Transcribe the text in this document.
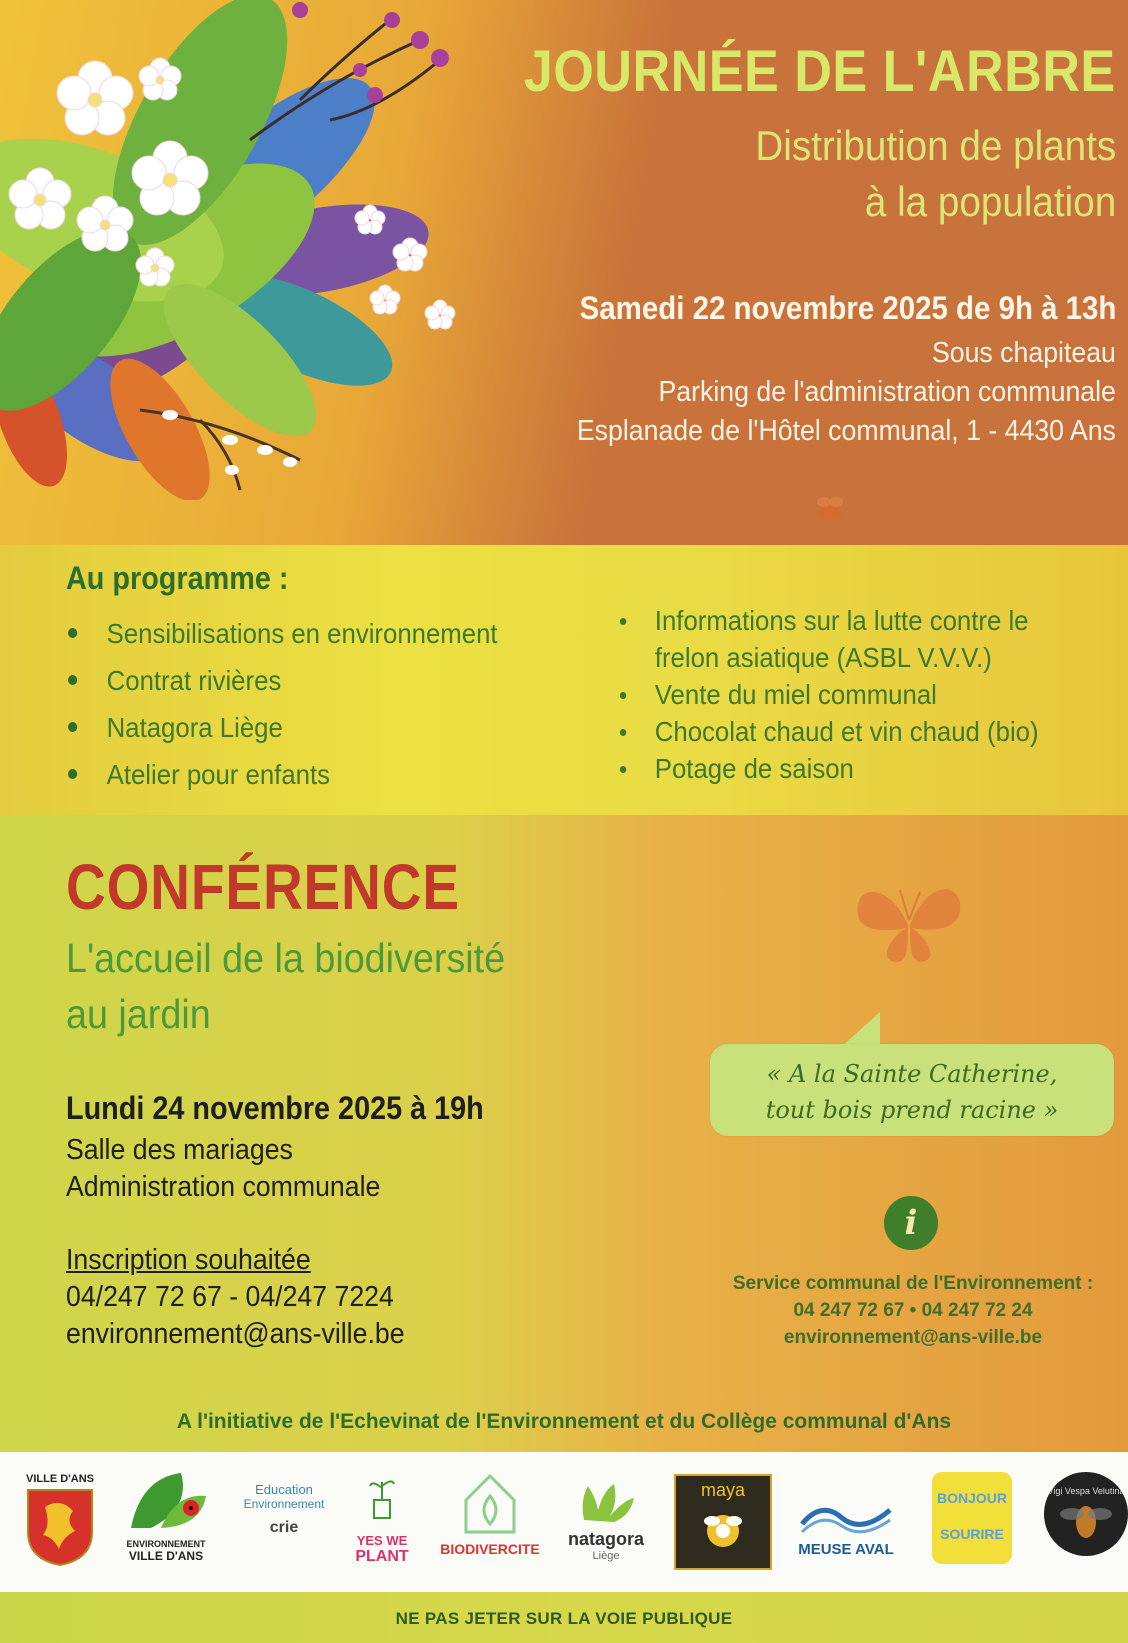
JOURNÉE DE L'ARBRE
Distribution de plants
à la population
Samedi 22 novembre 2025 de 9h à 13h
Sous chapiteau
Parking de l'administration communale
Esplanade de l'Hôtel communal, 1 - 4430 Ans
Au programme :
Sensibilisations en environnement
Contrat rivières
Natagora Liège
Atelier pour enfants
Informations sur la lutte contre le frelon asiatique (ASBL V.V.V.)
Vente du miel communal
Chocolat chaud et vin chaud (bio)
Potage de saison
CONFÉRENCE
L'accueil de la biodiversité
au jardin
Lundi 24 novembre 2025 à 19h
Salle des mariages
Administration communale
Inscription souhaitée
04/247 72 67 - 04/247 7224
environnement@ans-ville.be
« A la Sainte Catherine,
tout bois prend racine »
i
Service communal de l'Environnement :
04 247 72 67 • 04 247 72 24
environnement@ans-ville.be
A l'initiative de l'Echevinat de l'Environnement et du Collège communal d'Ans
VILLE D'ANS
ENVIRONNEMENT
VILLE D'ANS
Education
Environnement
crie
YES WE
PLANT	BIODIVERCITE	natagora
Liège
maya
MEUSE AVAL
BONJOUR
SOURIRE
Vigi Vespa Velutina
NE PAS JETER SUR LA VOIE PUBLIQUE
